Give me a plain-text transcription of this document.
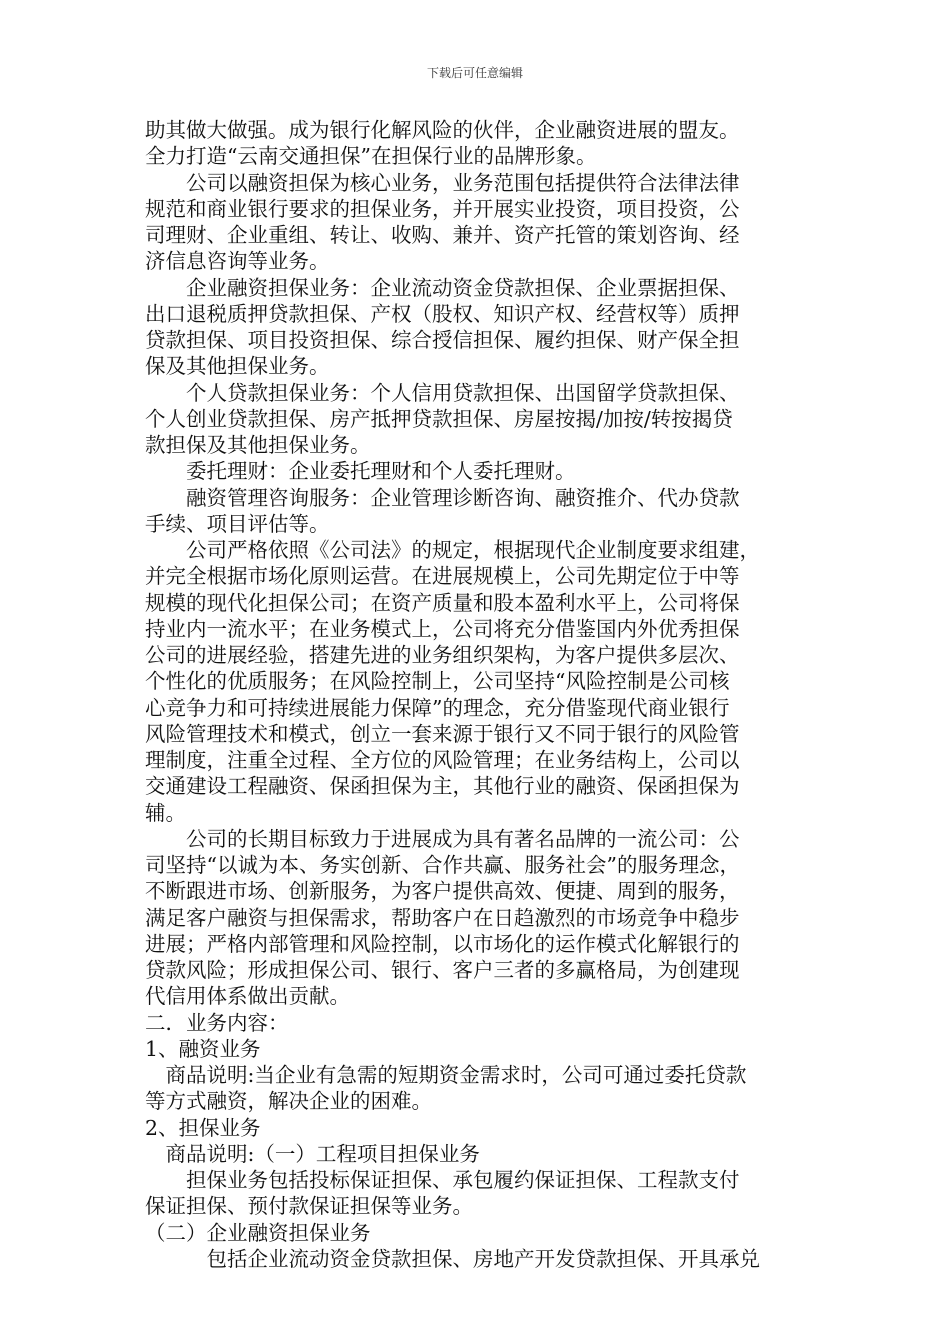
下载后可任意编辑
助其做大做强。成为银行化解风险的伙伴，企业融资进展的盟友。
全力打造“云南交通担保”在担保行业的品牌形象。
　　公司以融资担保为核心业务，业务范围包括提供符合法律法律
规范和商业银行要求的担保业务，并开展实业投资，项目投资，公
司理财、企业重组、转让、收购、兼并、资产托管的策划咨询、经
济信息咨询等业务。
　　企业融资担保业务：企业流动资金贷款担保、企业票据担保、
出口退税质押贷款担保、产权（股权、知识产权、经营权等）质押
贷款担保、项目投资担保、综合授信担保、履约担保、财产保全担
保及其他担保业务。
　　个人贷款担保业务：个人信用贷款担保、出国留学贷款担保、
个人创业贷款担保、房产抵押贷款担保、房屋按揭/加按/转按揭贷
款担保及其他担保业务。
　　委托理财：企业委托理财和个人委托理财。
　　融资管理咨询服务：企业管理诊断咨询、融资推介、代办贷款
手续、项目评估等。
　　公司严格依照《公司法》的规定，根据现代企业制度要求组建，
并完全根据市场化原则运营。在进展规模上，公司先期定位于中等
规模的现代化担保公司；在资产质量和股本盈利水平上，公司将保
持业内一流水平；在业务模式上，公司将充分借鉴国内外优秀担保
公司的进展经验，搭建先进的业务组织架构，为客户提供多层次、
个性化的优质服务；在风险控制上，公司坚持“风险控制是公司核
心竞争力和可持续进展能力保障”的理念，充分借鉴现代商业银行
风险管理技术和模式，创立一套来源于银行又不同于银行的风险管
理制度，注重全过程、全方位的风险管理；在业务结构上，公司以
交通建设工程融资、保函担保为主，其他行业的融资、保函担保为
辅。
　　公司的长期目标致力于进展成为具有著名品牌的一流公司：公
司坚持“以诚为本、务实创新、合作共赢、服务社会”的服务理念，
不断跟进市场、创新服务，为客户提供高效、便捷、周到的服务，
满足客户融资与担保需求，帮助客户在日趋激烈的市场竞争中稳步
进展；严格内部管理和风险控制，以市场化的运作模式化解银行的
贷款风险；形成担保公司、银行、客户三者的多赢格局，为创建现
代信用体系做出贡献。
二．业务内容：
1、融资业务
　商品说明:当企业有急需的短期资金需求时，公司可通过委托贷款
等方式融资，解决企业的困难。
2、担保业务
　商品说明:（一）工程项目担保业务
　　担保业务包括投标保证担保、承包履约保证担保、工程款支付
保证担保、预付款保证担保等业务。
（二）企业融资担保业务
　　　包括企业流动资金贷款担保、房地产开发贷款担保、开具承兑
